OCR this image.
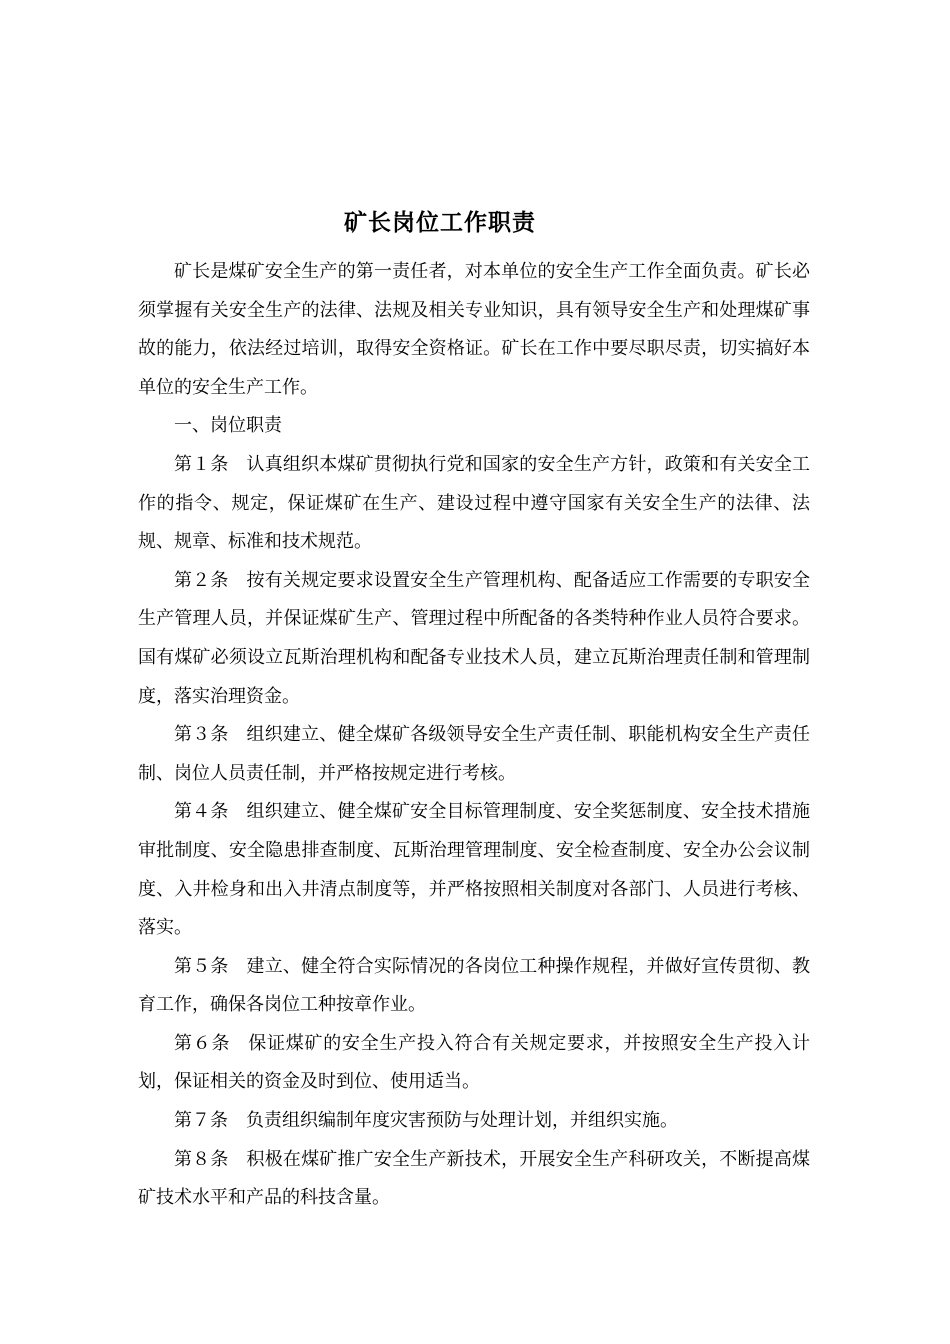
矿长岗位工作职责

矿长是煤矿安全生产的第一责任者，对本单位的安全生产工作全面负责。矿长必须掌握有关安全生产的法律、法规及相关专业知识，具有领导安全生产和处理煤矿事故的能力，依法经过培训，取得安全资格证。矿长在工作中要尽职尽责，切实搞好本单位的安全生产工作。

一、岗位职责

第１条 认真组织本煤矿贯彻执行党和国家的安全生产方针，政策和有关安全工作的指令、规定，保证煤矿在生产、建设过程中遵守国家有关安全生产的法律、法规、规章、标准和技术规范。

第２条 按有关规定要求设置安全生产管理机构、配备适应工作需要的专职安全生产管理人员，并保证煤矿生产、管理过程中所配备的各类特种作业人员符合要求。国有煤矿必须设立瓦斯治理机构和配备专业技术人员，建立瓦斯治理责任制和管理制度，落实治理资金。

第３条 组织建立、健全煤矿各级领导安全生产责任制、职能机构安全生产责任制、岗位人员责任制，并严格按规定进行考核。

第４条 组织建立、健全煤矿安全目标管理制度、安全奖惩制度、安全技术措施审批制度、安全隐患排查制度、瓦斯治理管理制度、安全检查制度、安全办公会议制度、入井检身和出入井清点制度等，并严格按照相关制度对各部门、人员进行考核、落实。

第５条 建立、健全符合实际情况的各岗位工种操作规程，并做好宣传贯彻、教育工作，确保各岗位工种按章作业。

第６条 保证煤矿的安全生产投入符合有关规定要求，并按照安全生产投入计划，保证相关的资金及时到位、使用适当。

第７条 负责组织编制年度灾害预防与处理计划，并组织实施。

第８条 积极在煤矿推广安全生产新技术，开展安全生产科研攻关，不断提高煤矿技术水平和产品的科技含量。
